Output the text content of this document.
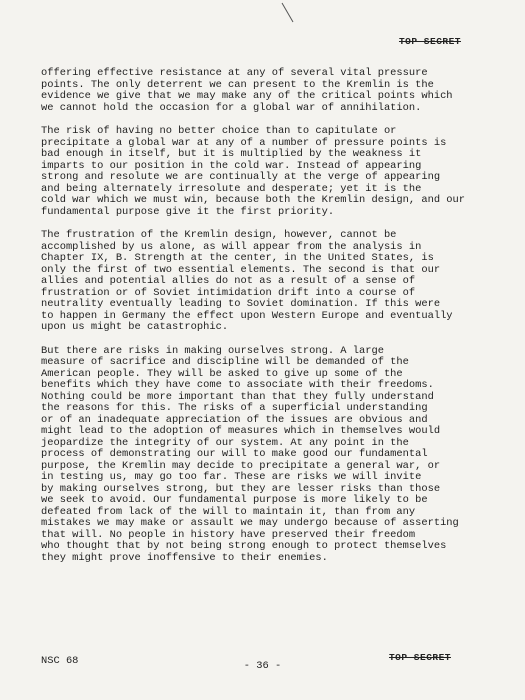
TOP SECRET

offering effective resistance at any of several vital pressure
points. The only deterrent we can present to the Kremlin is the
evidence we give that we may make any of the critical points which
we cannot hold the occasion for a global war of annihilation.

The risk of having no better choice than to capitulate or
precipitate a global war at any of a number of pressure points is
bad enough in itself, but it is multiplied by the weakness it
imparts to our position in the cold war. Instead of appearing
strong and resolute we are continually at the verge of appearing
and being alternately irresolute and desperate; yet it is the
cold war which we must win, because both the Kremlin design, and our
fundamental purpose give it the first priority.

The frustration of the Kremlin design, however, cannot be
accomplished by us alone, as will appear from the analysis in
Chapter IX, B. Strength at the center, in the United States, is
only the first of two essential elements. The second is that our
allies and potential allies do not as a result of a sense of
frustration or of Soviet intimidation drift into a course of
neutrality eventually leading to Soviet domination. If this were
to happen in Germany the effect upon Western Europe and eventually
upon us might be catastrophic.

But there are risks in making ourselves strong. A large
measure of sacrifice and discipline will be demanded of the
American people. They will be asked to give up some of the
benefits which they have come to associate with their freedoms.
Nothing could be more important than that they fully understand
the reasons for this. The risks of a superficial understanding
or of an inadequate appreciation of the issues are obvious and
might lead to the adoption of measures which in themselves would
jeopardize the integrity of our system. At any point in the
process of demonstrating our will to make good our fundamental
purpose, the Kremlin may decide to precipitate a general war, or
in testing us, may go too far. These are risks we will invite
by making ourselves strong, but they are lesser risks than those
we seek to avoid. Our fundamental purpose is more likely to be
defeated from lack of the will to maintain it, than from any
mistakes we may make or assault we may undergo because of asserting
that will. No people in history have preserved their freedom
who thought that by not being strong enough to protect themselves
they might prove inoffensive to their enemies.

NSC 68	- 36 -
TOP SECRET
